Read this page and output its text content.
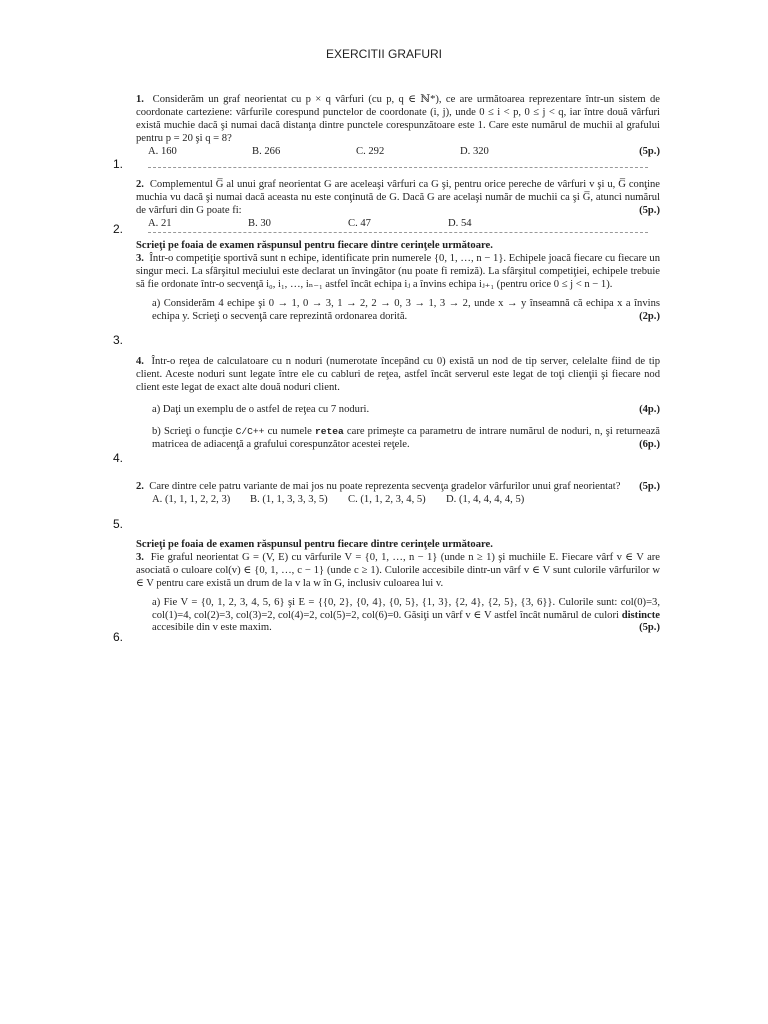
EXERCITII GRAFURI
1.
2.
3.
4.
5.
6.

1. Considerăm un graf neorientat cu p × q vârfuri (cu p, q ∈ ℕ*), ce are următoarea reprezentare într-un sistem de coordonate carteziene: vârfurile corespund punctelor de coordonate (i, j), unde 0 ≤ i < p, 0 ≤ j < q, iar între două vârfuri există muchie dacă şi numai dacă distanţa dintre punctele corespunzătoare este 1. Care este numărul de muchii al grafului pentru p = 20 şi q = 8?

A. 160	B. 266	C. 292	D. 320	(5p.)

2. Complementul G̅ al unui graf neorientat G are aceleaşi vârfuri ca G şi, pentru orice pereche de vârfuri v şi u, G̅ conţine muchia vu dacă şi numai dacă aceasta nu este conţinută de G. Dacă G are acelaşi număr de muchii ca şi G̅, atunci numărul de vârfuri din G poate fi:	(5p.)

A. 21	B. 30	C. 47	D. 54

Scrieţi pe foaia de examen răspunsul pentru fiecare dintre cerinţele următoare.

3. Într-o competiţie sportivă sunt n echipe, identificate prin numerele {0, 1, …, n − 1}. Echipele joacă fiecare cu fiecare un singur meci. La sfârşitul meciului este declarat un învingător (nu poate fi remiză). La sfârşitul competiţiei, echipele trebuie să fie ordonate într-o secvenţă i₀, i₁, …, iₙ₋₁ astfel încât echipa iⱼ a învins echipa iⱼ₊₁ (pentru orice 0 ≤ j < n − 1).

a) Considerăm 4 echipe şi 0 → 1, 0 → 3, 1 → 2, 2 → 0, 3 → 1, 3 → 2, unde x → y înseamnă că echipa x a învins echipa y. Scrieţi o secvenţă care reprezintă ordonarea dorită.	(2p.)

4. Într-o reţea de calculatoare cu n noduri (numerotate începând cu 0) există un nod de tip server, celelalte fiind de tip client. Aceste noduri sunt legate între ele cu cabluri de reţea, astfel încât serverul este legat de toţi clienţii şi fiecare nod client este legat de exact alte două noduri client.

a) Daţi un exemplu de o astfel de reţea cu 7 noduri.	(4p.)

b) Scrieţi o funcţie C/C++ cu numele retea care primeşte ca parametru de intrare numărul de noduri, n, şi returnează matricea de adiacenţă a grafului corespunzător acestei reţele.	(6p.)

2. Care dintre cele patru variante de mai jos nu poate reprezenta secvenţa gradelor vârfurilor unui graf neorientat? (5p.)

A. (1, 1, 1, 2, 2, 3)	B. (1, 1, 3, 3, 3, 5)	C. (1, 1, 2, 3, 4, 5)	D. (1, 4, 4, 4, 4, 5)

Scrieţi pe foaia de examen răspunsul pentru fiecare dintre cerinţele următoare.

3. Fie graful neorientat G = (V, E) cu vârfurile V = {0, 1, …, n − 1} (unde n ≥ 1) şi muchiile E. Fiecare vârf v ∈ V are asociată o culoare col(v) ∈ {0, 1, …, c − 1} (unde c ≥ 1). Culorile accesibile dintr-un vârf v ∈ V sunt culorile vârfurilor w ∈ V pentru care există un drum de la v la w în G, inclusiv culoarea lui v.

a) Fie V = {0, 1, 2, 3, 4, 5, 6} şi E = {{0, 2}, {0, 4}, {0, 5}, {1, 3}, {2, 4}, {2, 5}, {3, 6}}. Culorile sunt: col(0)=3, col(1)=4, col(2)=3, col(3)=2, col(4)=2, col(5)=2, col(6)=0. Găsiţi un vârf v ∈ V astfel încât numărul de culori distincte accesibile din v este maxim.	(5p.)
